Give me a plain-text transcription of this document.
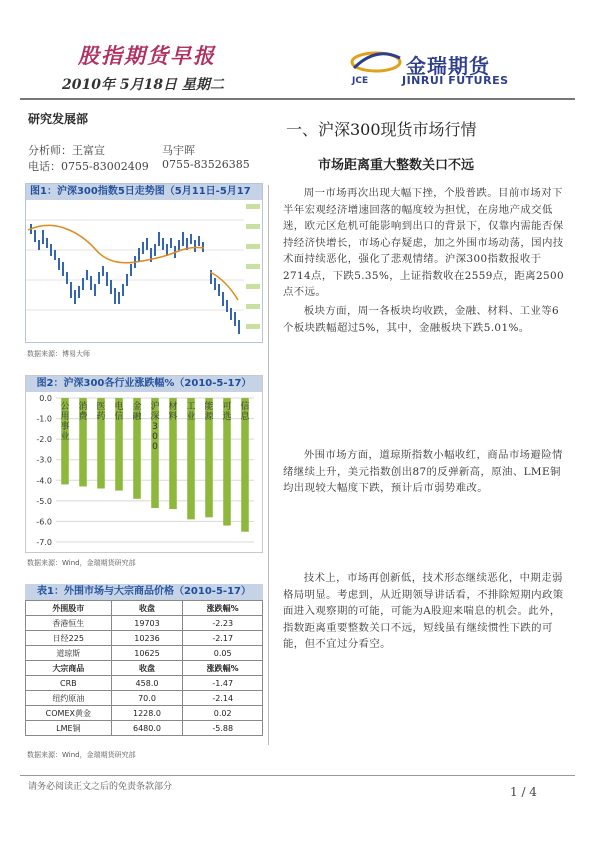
股指期货早报
2010年 5月18日 星期二	JCE
金瑞期货
JINRUI FUTURES
研究发展部
分析师：王富宣	马宇晖
电话：0755-83002409 0755-83526385
图1：沪深300指数5日走势图（5月11日-5月17
数据来源：博易大师
图2：沪深300各行业涨跌幅%（2010-5-17）
0.0
-1.0
-2.0
-3.0
-4.0
-5.0
-6.0
-7.0
公
用
事
业
消
费
医
药
电
信
金
融
沪
深
3
0
0
材
料
工
业
能
源
可
选
信
息
数据来源：Wind，金瑞期货研究部
表1：外围市场与大宗商品价格（2010-5-17）
外围股市	收盘	涨跌幅%
香港恒生	19703	-2.23
日经225	10236	-2.17
道琼斯	10625	0.05
大宗商品	收盘	涨跌幅%
CRB	458.0	-1.47
纽约原油	70.0	-2.14
COMEX黄金	1228.0	0.02
LME铜	6480.0	-5.88
数据来源：Wind，金瑞期货研究部
一、沪深300现货市场行情
市场距离重大整数关口不远
周一市场再次出现大幅下挫，个股普跌。目前市场对下半年宏观经济增速回落的幅度较为担忧，在房地产成交低迷，欧元区危机可能影响到出口的背景下，仅靠内需能否保持经济快增长，市场心存疑虑，加之外围市场动荡，国内技术面持续恶化，强化了悲观情绪。沪深300指数报收于2714点，下跌5.35%，上证指数收在2559点，距离2500点不远。
板块方面，周一各板块均收跌，金融、材料、工业等6个板块跌幅超过5%，其中，金融板块下跌5.01%。
外围市场方面，道琼斯指数小幅收红，商品市场避险情绪继续上升，美元指数创出87的反弹新高，原油、LME铜均出现较大幅度下跌，预计后市弱势难改。
技术上，市场再创新低，技术形态继续恶化，中期走弱格局明显。考虑到，从近期领导讲话看，不排除短期内政策面进入观察期的可能，可能为A股迎来喘息的机会。此外，指数距离重要整数关口不远，短线虽有继续惯性下跌的可能，但不宜过分看空。
请务必阅读正文之后的免责条款部分	1 / 4
